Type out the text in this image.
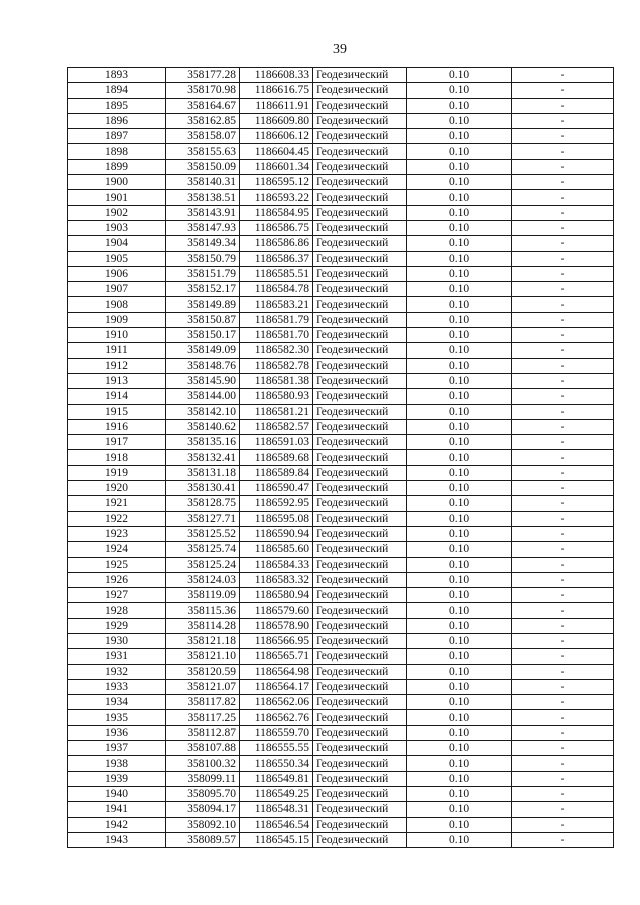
39
1893	358177.28	1186608.33	Геодезический	0.10	-
1894	358170.98	1186616.75	Геодезический	0.10	-
1895	358164.67	1186611.91	Геодезический	0.10	-
1896	358162.85	1186609.80	Геодезический	0.10	-
1897	358158.07	1186606.12	Геодезический	0.10	-
1898	358155.63	1186604.45	Геодезический	0.10	-
1899	358150.09	1186601.34	Геодезический	0.10	-
1900	358140.31	1186595.12	Геодезический	0.10	-
1901	358138.51	1186593.22	Геодезический	0.10	-
1902	358143.91	1186584.95	Геодезический	0.10	-
1903	358147.93	1186586.75	Геодезический	0.10	-
1904	358149.34	1186586.86	Геодезический	0.10	-
1905	358150.79	1186586.37	Геодезический	0.10	-
1906	358151.79	1186585.51	Геодезический	0.10	-
1907	358152.17	1186584.78	Геодезический	0.10	-
1908	358149.89	1186583.21	Геодезический	0.10	-
1909	358150.87	1186581.79	Геодезический	0.10	-
1910	358150.17	1186581.70	Геодезический	0.10	-
1911	358149.09	1186582.30	Геодезический	0.10	-
1912	358148.76	1186582.78	Геодезический	0.10	-
1913	358145.90	1186581.38	Геодезический	0.10	-
1914	358144.00	1186580.93	Геодезический	0.10	-
1915	358142.10	1186581.21	Геодезический	0.10	-
1916	358140.62	1186582.57	Геодезический	0.10	-
1917	358135.16	1186591.03	Геодезический	0.10	-
1918	358132.41	1186589.68	Геодезический	0.10	-
1919	358131.18	1186589.84	Геодезический	0.10	-
1920	358130.41	1186590.47	Геодезический	0.10	-
1921	358128.75	1186592.95	Геодезический	0.10	-
1922	358127.71	1186595.08	Геодезический	0.10	-
1923	358125.52	1186590.94	Геодезический	0.10	-
1924	358125.74	1186585.60	Геодезический	0.10	-
1925	358125.24	1186584.33	Геодезический	0.10	-
1926	358124.03	1186583.32	Геодезический	0.10	-
1927	358119.09	1186580.94	Геодезический	0.10	-
1928	358115.36	1186579.60	Геодезический	0.10	-
1929	358114.28	1186578.90	Геодезический	0.10	-
1930	358121.18	1186566.95	Геодезический	0.10	-
1931	358121.10	1186565.71	Геодезический	0.10	-
1932	358120.59	1186564.98	Геодезический	0.10	-
1933	358121.07	1186564.17	Геодезический	0.10	-
1934	358117.82	1186562.06	Геодезический	0.10	-
1935	358117.25	1186562.76	Геодезический	0.10	-
1936	358112.87	1186559.70	Геодезический	0.10	-
1937	358107.88	1186555.55	Геодезический	0.10	-
1938	358100.32	1186550.34	Геодезический	0.10	-
1939	358099.11	1186549.81	Геодезический	0.10	-
1940	358095.70	1186549.25	Геодезический	0.10	-
1941	358094.17	1186548.31	Геодезический	0.10	-
1942	358092.10	1186546.54	Геодезический	0.10	-
1943	358089.57	1186545.15	Геодезический	0.10	-
